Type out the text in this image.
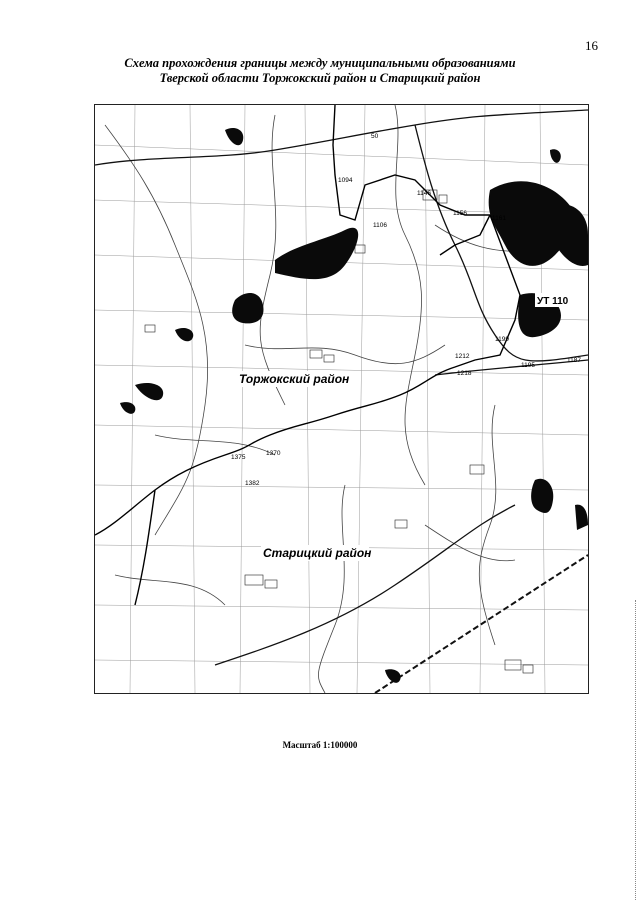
16
Схема прохождения границы между муниципальными образованиями
Тверской области Торжокский район и Старицкий район
1094
1146
1106
1156
1161
1199
1212
1218
1195
1187
1375
1370
1382
50
УТ 110
Торжокский район
Старицкий район
Масштаб 1:100000
